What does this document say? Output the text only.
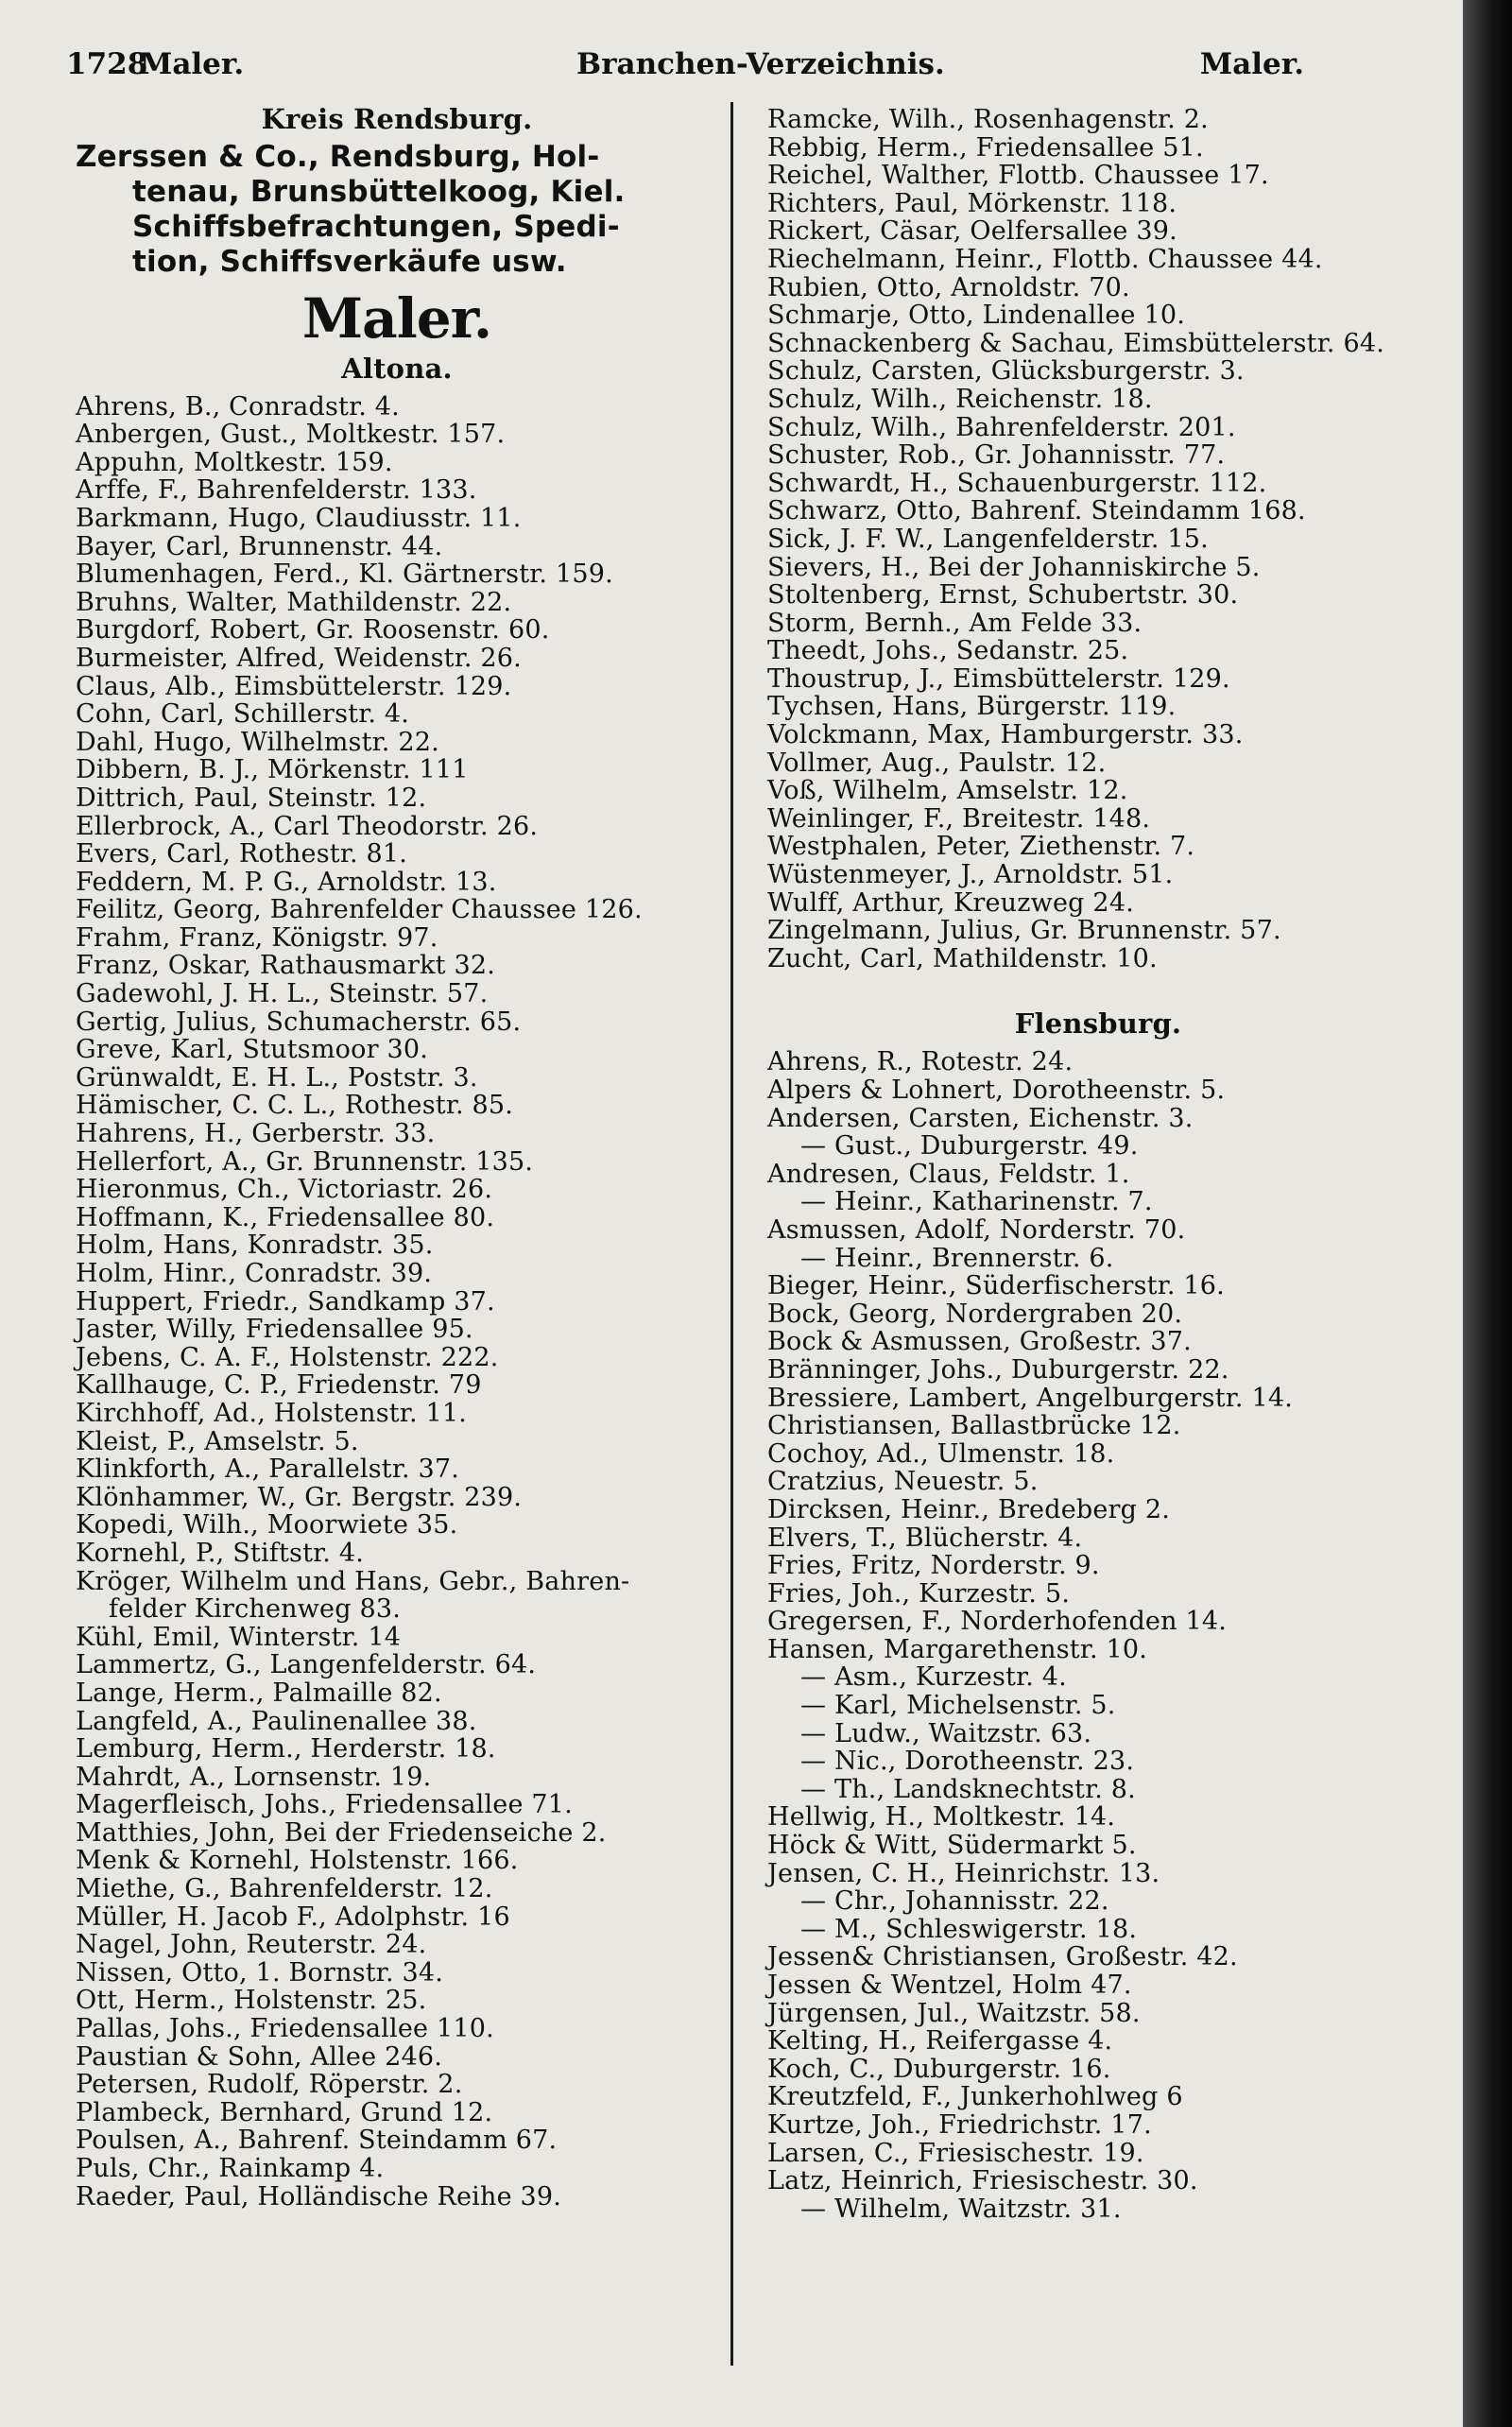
1728
Maler.	Branchen-Verzeichnis.	Maler.
Kreis Rendsburg.
Zerssen & Co., Rendsburg, Hol-
tenau, Brunsbüttelkoog, Kiel.
Schiffsbefrachtungen, Spedi-
tion, Schiffsverkäufe usw.
Maler.
Altona.
Ahrens, B., Conradstr. 4.
Anbergen, Gust., Moltkestr. 157.
Appuhn, Moltkestr. 159.
Arffe, F., Bahrenfelderstr. 133.
Barkmann, Hugo, Claudiusstr. 11.
Bayer, Carl, Brunnenstr. 44.
Blumenhagen, Ferd., Kl. Gärtnerstr. 159.
Bruhns, Walter, Mathildenstr. 22.
Burgdorf, Robert, Gr. Roosenstr. 60.
Burmeister, Alfred, Weidenstr. 26.
Claus, Alb., Eimsbüttelerstr. 129.
Cohn, Carl, Schillerstr. 4.
Dahl, Hugo, Wilhelmstr. 22.
Dibbern, B. J., Mörkenstr. 111
Dittrich, Paul, Steinstr. 12.
Ellerbrock, A., Carl Theodorstr. 26.
Evers, Carl, Rothestr. 81.
Feddern, M. P. G., Arnoldstr. 13.
Feilitz, Georg, Bahrenfelder Chaussee 126.
Frahm, Franz, Königstr. 97.
Franz, Oskar, Rathausmarkt 32.
Gadewohl, J. H. L., Steinstr. 57.
Gertig, Julius, Schumacherstr. 65.
Greve, Karl, Stutsmoor 30.
Grünwaldt, E. H. L., Poststr. 3.
Hämischer, C. C. L., Rothestr. 85.
Hahrens, H., Gerberstr. 33.
Hellerfort, A., Gr. Brunnenstr. 135.
Hieronmus, Ch., Victoriastr. 26.
Hoffmann, K., Friedensallee 80.
Holm, Hans, Konradstr. 35.
Holm, Hinr., Conradstr. 39.
Huppert, Friedr., Sandkamp 37.
Jaster, Willy, Friedensallee 95.
Jebens, C. A. F., Holstenstr. 222.
Kallhauge, C. P., Friedenstr. 79
Kirchhoff, Ad., Holstenstr. 11.
Kleist, P., Amselstr. 5.
Klinkforth, A., Parallelstr. 37.
Klönhammer, W., Gr. Bergstr. 239.
Kopedi, Wilh., Moorwiete 35.
Kornehl, P., Stiftstr. 4.
Kröger, Wilhelm und Hans, Gebr., Bahren-
felder Kirchenweg 83.
Kühl, Emil, Winterstr. 14
Lammertz, G., Langenfelderstr. 64.
Lange, Herm., Palmaille 82.
Langfeld, A., Paulinenallee 38.
Lemburg, Herm., Herderstr. 18.
Mahrdt, A., Lornsenstr. 19.
Magerfleisch, Johs., Friedensallee 71.
Matthies, John, Bei der Friedenseiche 2.
Menk & Kornehl, Holstenstr. 166.
Miethe, G., Bahrenfelderstr. 12.
Müller, H. Jacob F., Adolphstr. 16
Nagel, John, Reuterstr. 24.
Nissen, Otto, 1. Bornstr. 34.
Ott, Herm., Holstenstr. 25.
Pallas, Johs., Friedensallee 110.
Paustian & Sohn, Allee 246.
Petersen, Rudolf, Röperstr. 2.
Plambeck, Bernhard, Grund 12.
Poulsen, A., Bahrenf. Steindamm 67.
Puls, Chr., Rainkamp 4.
Raeder, Paul, Holländische Reihe 39.
Ramcke, Wilh., Rosenhagenstr. 2.
Rebbig, Herm., Friedensallee 51.
Reichel, Walther, Flottb. Chaussee 17.
Richters, Paul, Mörkenstr. 118.
Rickert, Cäsar, Oelfersallee 39.
Riechelmann, Heinr., Flottb. Chaussee 44.
Rubien, Otto, Arnoldstr. 70.
Schmarje, Otto, Lindenallee 10.
Schnackenberg & Sachau, Eimsbüttelerstr. 64.
Schulz, Carsten, Glücksburgerstr. 3.
Schulz, Wilh., Reichenstr. 18.
Schulz, Wilh., Bahrenfelderstr. 201.
Schuster, Rob., Gr. Johannisstr. 77.
Schwardt, H., Schauenburgerstr. 112.
Schwarz, Otto, Bahrenf. Steindamm 168.
Sick, J. F. W., Langenfelderstr. 15.
Sievers, H., Bei der Johanniskirche 5.
Stoltenberg, Ernst, Schubertstr. 30.
Storm, Bernh., Am Felde 33.
Theedt, Johs., Sedanstr. 25.
Thoustrup, J., Eimsbüttelerstr. 129.
Tychsen, Hans, Bürgerstr. 119.
Volckmann, Max, Hamburgerstr. 33.
Vollmer, Aug., Paulstr. 12.
Voß, Wilhelm, Amselstr. 12.
Weinlinger, F., Breitestr. 148.
Westphalen, Peter, Ziethenstr. 7.
Wüstenmeyer, J., Arnoldstr. 51.
Wulff, Arthur, Kreuzweg 24.
Zingelmann, Julius, Gr. Brunnenstr. 57.
Zucht, Carl, Mathildenstr. 10.
Flensburg.
Ahrens, R., Rotestr. 24.
Alpers & Lohnert, Dorotheenstr. 5.
Andersen, Carsten, Eichenstr. 3.
— Gust., Duburgerstr. 49.
Andresen, Claus, Feldstr. 1.
— Heinr., Katharinenstr. 7.
Asmussen, Adolf, Norderstr. 70.
— Heinr., Brennerstr. 6.
Bieger, Heinr., Süderfischerstr. 16.
Bock, Georg, Nordergraben 20.
Bock & Asmussen, Großestr. 37.
Bränninger, Johs., Duburgerstr. 22.
Bressiere, Lambert, Angelburgerstr. 14.
Christiansen, Ballastbrücke 12.
Cochoy, Ad., Ulmenstr. 18.
Cratzius, Neuestr. 5.
Dircksen, Heinr., Bredeberg 2.
Elvers, T., Blücherstr. 4.
Fries, Fritz, Norderstr. 9.
Fries, Joh., Kurzestr. 5.
Gregersen, F., Norderhofenden 14.
Hansen, Margarethenstr. 10.
— Asm., Kurzestr. 4.
— Karl, Michelsenstr. 5.
— Ludw., Waitzstr. 63.
— Nic., Dorotheenstr. 23.
— Th., Landsknechtstr. 8.
Hellwig, H., Moltkestr. 14.
Höck & Witt, Südermarkt 5.
Jensen, C. H., Heinrichstr. 13.
— Chr., Johannisstr. 22.
— M., Schleswigerstr. 18.
Jessen& Christiansen, Großestr. 42.
Jessen & Wentzel, Holm 47.
Jürgensen, Jul., Waitzstr. 58.
Kelting, H., Reifergasse 4.
Koch, C., Duburgerstr. 16.
Kreutzfeld, F., Junkerhohlweg 6
Kurtze, Joh., Friedrichstr. 17.
Larsen, C., Friesischestr. 19.
Latz, Heinrich, Friesischestr. 30.
— Wilhelm, Waitzstr. 31.
